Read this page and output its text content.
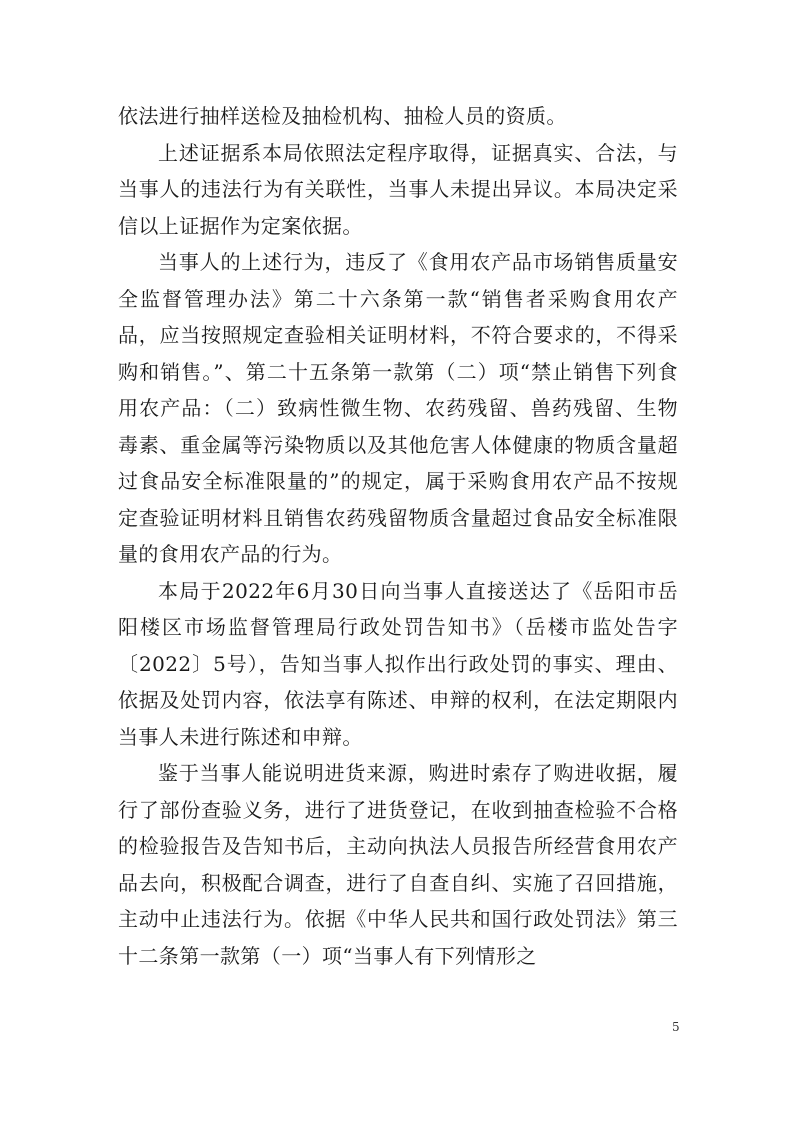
依法进行抽样送检及抽检机构、抽检人员的资质。

上述证据系本局依照法定程序取得，证据真实、合法，与当事人的违法行为有关联性，当事人未提出异议。本局决定采信以上证据作为定案依据。

当事人的上述行为，违反了《食用农产品市场销售质量安全监督管理办法》第二十六条第一款“销售者采购食用农产品，应当按照规定查验相关证明材料，不符合要求的，不得采购和销售。”、第二十五条第一款第（二）项“禁止销售下列食用农产品：（二）致病性微生物、农药残留、兽药残留、生物毒素、重金属等污染物质以及其他危害人体健康的物质含量超过食品安全标准限量的”的规定，属于采购食用农产品不按规定查验证明材料且销售农药残留物质含量超过食品安全标准限量的食用农产品的行为。

本局于2022年6月30日向当事人直接送达了《岳阳市岳阳楼区市场监督管理局行政处罚告知书》（岳楼市监处告字〔2022〕5号），告知当事人拟作出行政处罚的事实、理由、依据及处罚内容，依法享有陈述、申辩的权利，在法定期限内当事人未进行陈述和申辩。

鉴于当事人能说明进货来源，购进时索存了购进收据，履行了部份查验义务，进行了进货登记，在收到抽查检验不合格的检验报告及告知书后，主动向执法人员报告所经营食用农产品去向，积极配合调查，进行了自查自纠、实施了召回措施，主动中止违法行为。依据《中华人民共和国行政处罚法》第三十二条第一款第（一）项“当事人有下列情形之

5
